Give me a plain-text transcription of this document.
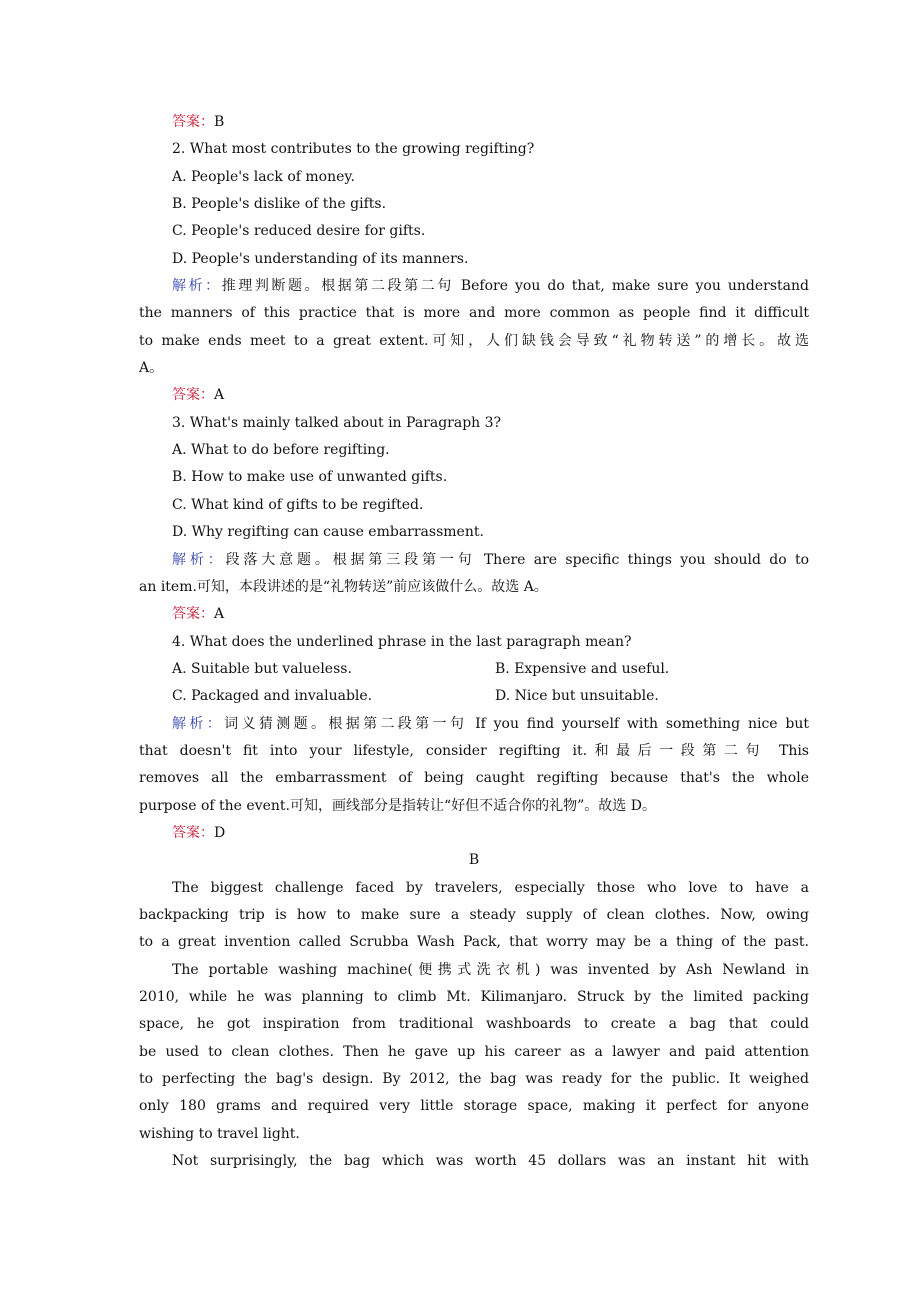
答案：B
2. What most contributes to the growing regifting?
A. People's lack of money.
B. People's dislike of the gifts.
C. People's reduced desire for gifts.
D. People's understanding of its manners.
解析：推理判断题。根据第二段第二句 Before you do that, make sure you understand
the manners of this practice that is more and more common as people find it difficult
to make ends meet to a great extent.可知，人们缺钱会导致“礼物转送”的增长。故选
A。
答案：A
3. What's mainly talked about in Paragraph 3?
A. What to do before regifting.
B. How to make use of unwanted gifts.
C. What kind of gifts to be regifted.
D. Why regifting can cause embarrassment.
解析：段落大意题。根据第三段第一句 There are specific things you should do to
an item.可知，本段讲述的是“礼物转送”前应该做什么。故选 A。
答案：A
4. What does the underlined phrase in the last paragraph mean?
A. Suitable but valueless.	B. Expensive and useful.
C. Packaged and invaluable.	D. Nice but unsuitable.
解析：词义猜测题。根据第二段第一句 If you find yourself with something nice but
that doesn't fit into your lifestyle, consider regifting it.和最后一段第二句 This
removes all the embarrassment of being caught regifting because that's the whole
purpose of the event.可知，画线部分是指转让“好但不适合你的礼物”。故选 D。
答案：D
B
The biggest challenge faced by travelers, especially those who love to have a
backpacking trip is how to make sure a steady supply of clean clothes. Now, owing
to a great invention called Scrubba Wash Pack, that worry may be a thing of the past.
The portable washing machine(便携式洗衣机) was invented by Ash Newland in
2010, while he was planning to climb Mt. Kilimanjaro. Struck by the limited packing
space, he got inspiration from traditional washboards to create a bag that could
be used to clean clothes. Then he gave up his career as a lawyer and paid attention
to perfecting the bag's design. By 2012, the bag was ready for the public. It weighed
only 180 grams and required very little storage space, making it perfect for anyone
wishing to travel light.
Not surprisingly, the bag which was worth 45 dollars was an instant hit with
